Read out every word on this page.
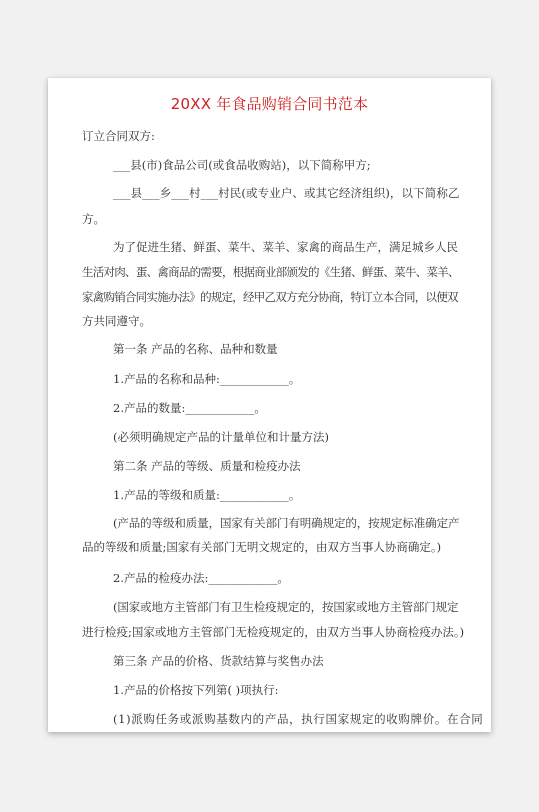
20XX 年食品购销合同书范本
订立合同双方:
___县(市)食品公司(或食品收购站)，以下简称甲方;
___县___乡___村___村民(或专业户、或其它经济组织)，以下简称乙
方。
为了促进生猪、鲜蛋、菜牛、菜羊、家禽的商品生产，满足城乡人民
生活对肉、蛋、禽商品的需要，根据商业部颁发的《生猪、鲜蛋、菜牛、菜羊、
家禽购销合同实施办法》的规定，经甲乙双方充分协商，特订立本合同，以便双
方共同遵守。
第一条 产品的名称、品种和数量
1.产品的名称和品种:____________。
2.产品的数量:____________。
(必须明确规定产品的计量单位和计量方法)
第二条 产品的等级、质量和检疫办法
1.产品的等级和质量:____________。
(产品的等级和质量，国家有关部门有明确规定的，按规定标准确定产
品的等级和质量;国家有关部门无明文规定的，由双方当事人协商确定。)
2.产品的检疫办法:____________。
(国家或地方主管部门有卫生检疫规定的，按国家或地方主管部门规定
进行检疫;国家或地方主管部门无检疫规定的，由双方当事人协商检疫办法。)
第三条 产品的价格、货款结算与奖售办法
1.产品的价格按下列第( )项执行:
(1)派购任务或派购基数内的产品，执行国家规定的收购牌价。在合同
